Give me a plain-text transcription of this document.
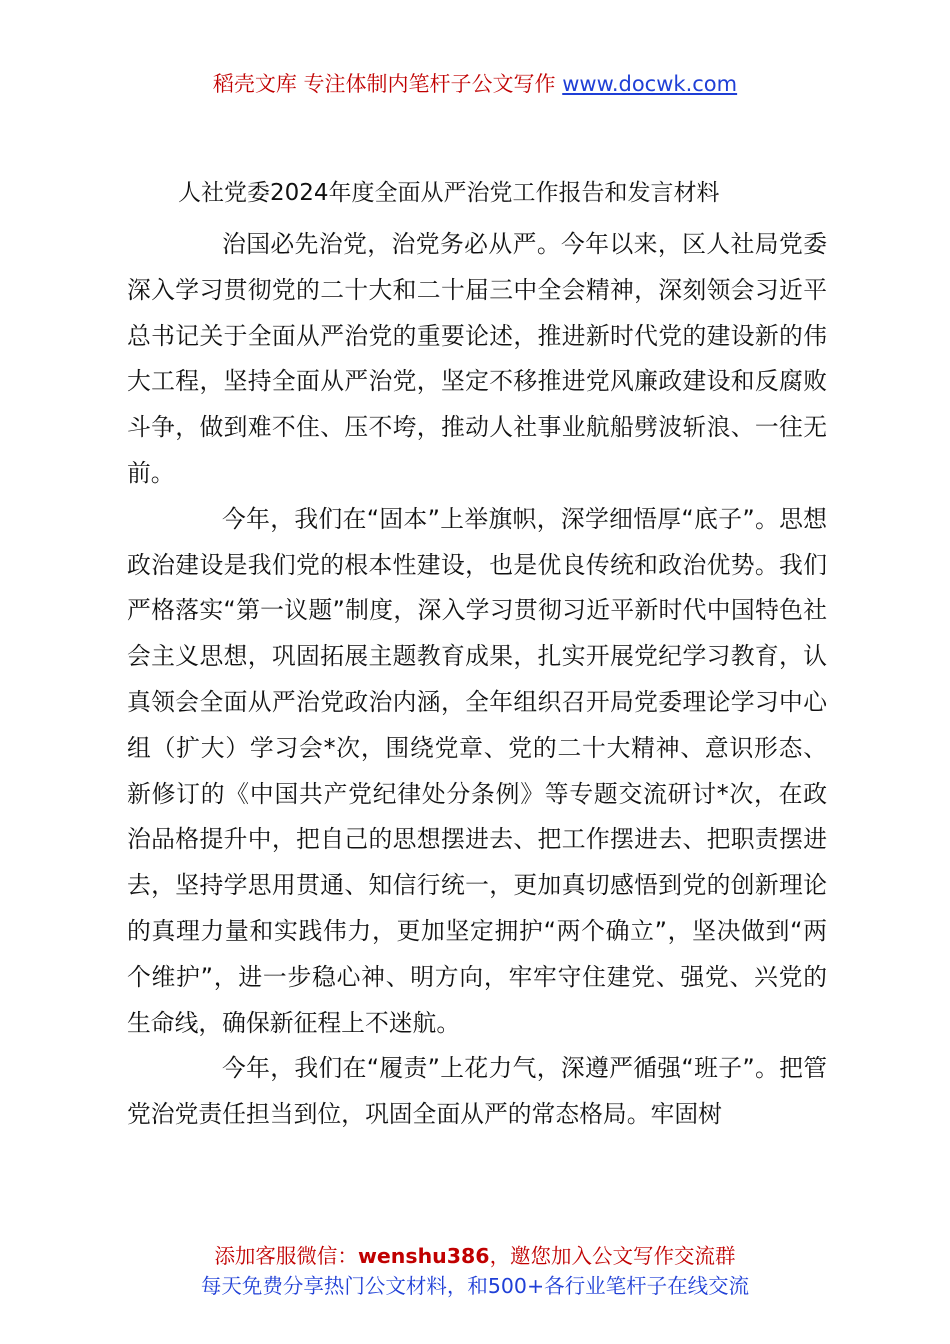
稻壳文库 专注体制内笔杆子公文写作 www.docwk.com
人社党委2024年度全面从严治党工作报告和发言材料

治国必先治党，治党务必从严。今年以来，区人社局党委深入学习贯彻党的二十大和二十届三中全会精神，深刻领会习近平总书记关于全面从严治党的重要论述，推进新时代党的建设新的伟大工程，坚持全面从严治党，坚定不移推进党风廉政建设和反腐败斗争，做到难不住、压不垮，推动人社事业航船劈波斩浪、一往无前。

今年，我们在“固本”上举旗帜，深学细悟厚“底子”。思想政治建设是我们党的根本性建设，也是优良传统和政治优势。我们严格落实“第一议题”制度，深入学习贯彻习近平新时代中国特色社会主义思想，巩固拓展主题教育成果，扎实开展党纪学习教育，认真领会全面从严治党政治内涵，全年组织召开局党委理论学习中心组（扩大）学习会*次，围绕党章、党的二十大精神、意识形态、新修订的《中国共产党纪律处分条例》等专题交流研讨*次，在政治品格提升中，把自己的思想摆进去、把工作摆进去、把职责摆进去，坚持学思用贯通、知信行统一，更加真切感悟到党的创新理论的真理力量和实践伟力，更加坚定拥护“两个确立”，坚决做到“两个维护”，进一步稳心神、明方向，牢牢守住建党、强党、兴党的生命线，确保新征程上不迷航。

今年，我们在“履责”上花力气，深遵严循强“班子”。把管党治党责任担当到位，巩固全面从严的常态格局。牢固树

添加客服微信：wenshu386，邀您加入公文写作交流群
每天免费分享热门公文材料，和500+各行业笔杆子在线交流
